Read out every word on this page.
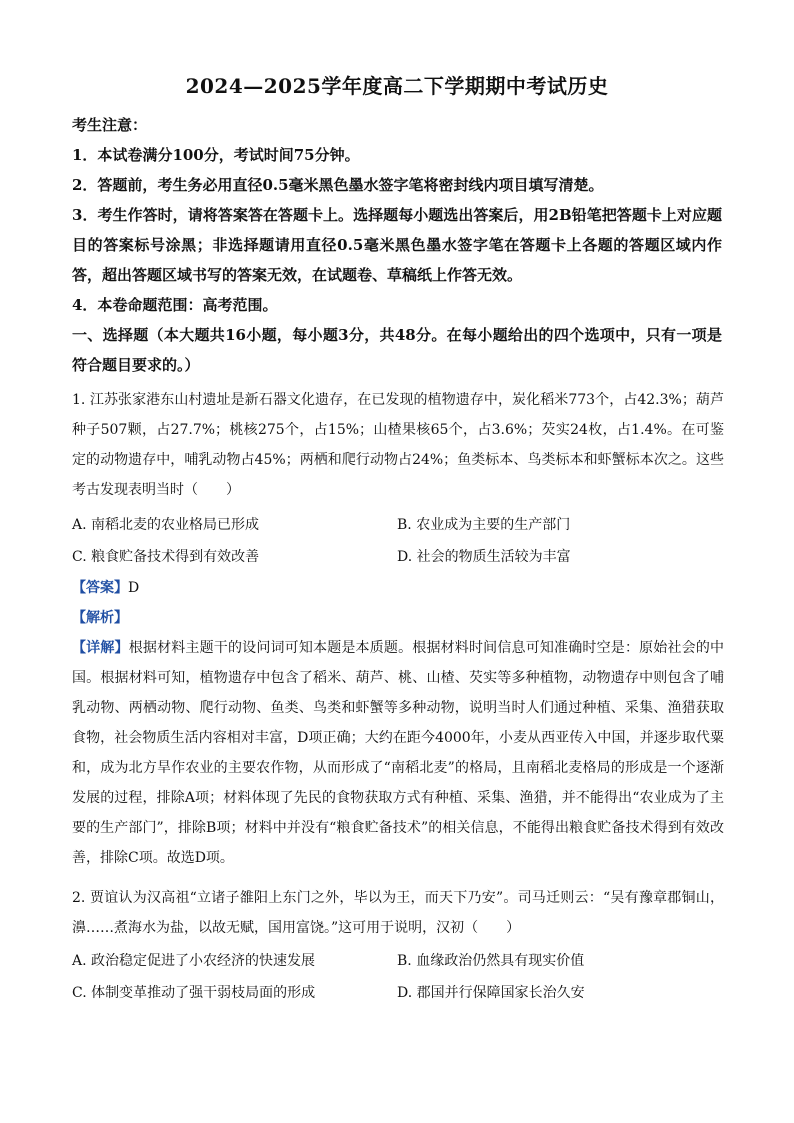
2024—2025学年度高二下学期期中考试历史

考生注意：

1．本试卷满分100分，考试时间75分钟。

2．答题前，考生务必用直径0.5毫米黑色墨水签字笔将密封线内项目填写清楚。

3．考生作答时，请将答案答在答题卡上。选择题每小题选出答案后，用2B铅笔把答题卡上对应题目的答案标号涂黑；非选择题请用直径0.5毫米黑色墨水签字笔在答题卡上各题的答题区域内作答，超出答题区域书写的答案无效，在试题卷、草稿纸上作答无效。

4．本卷命题范围：高考范围。

一、选择题（本大题共16小题，每小题3分，共48分。在每小题给出的四个选项中，只有一项是符合题目要求的。）

1. 江苏张家港东山村遗址是新石器文化遗存，在已发现的植物遗存中，炭化稻米773个，占42.3%；葫芦种子507颗，占27.7%；桃核275个，占15%；山楂果核65个，占3.6%；芡实24枚，占1.4%。在可鉴定的动物遗存中，哺乳动物占45%；两栖和爬行动物占24%；鱼类标本、鸟类标本和虾蟹标本次之。这些考古发现表明当时（　　）

A. 南稻北麦的农业格局已形成	B. 农业成为主要的生产部门
C. 粮食贮备技术得到有效改善	D. 社会的物质生活较为丰富
【答案】D
【解析】

【详解】根据材料主题干的设问词可知本题是本质题。根据材料时间信息可知准确时空是：原始社会的中国。根据材料可知，植物遗存中包含了稻米、葫芦、桃、山楂、芡实等多种植物，动物遗存中则包含了哺乳动物、两栖动物、爬行动物、鱼类、鸟类和虾蟹等多种动物，说明当时人们通过种植、采集、渔猎获取食物，社会物质生活内容相对丰富，D项正确；大约在距今4000年，小麦从西亚传入中国，并逐步取代粟和，成为北方旱作农业的主要农作物，从而形成了“南稻北麦”的格局，且南稻北麦格局的形成是一个逐渐发展的过程，排除A项；材料体现了先民的食物获取方式有种植、采集、渔猎，并不能得出“农业成为了主要的生产部门”，排除B项；材料中并没有“粮食贮备技术”的相关信息，不能得出粮食贮备技术得到有效改善，排除C项。故选D项。

2. 贾谊认为汉高祖“立诸子雒阳上东门之外，毕以为王，而天下乃安”。司马迁则云：“吴有豫章郡铜山，濞……煮海水为盐，以故无赋，国用富饶。”这可用于说明，汉初（　　）

A. 政治稳定促进了小农经济的快速发展	B. 血缘政治仍然具有现实价值
C. 体制变革推动了强干弱枝局面的形成	D. 郡国并行保障国家长治久安
